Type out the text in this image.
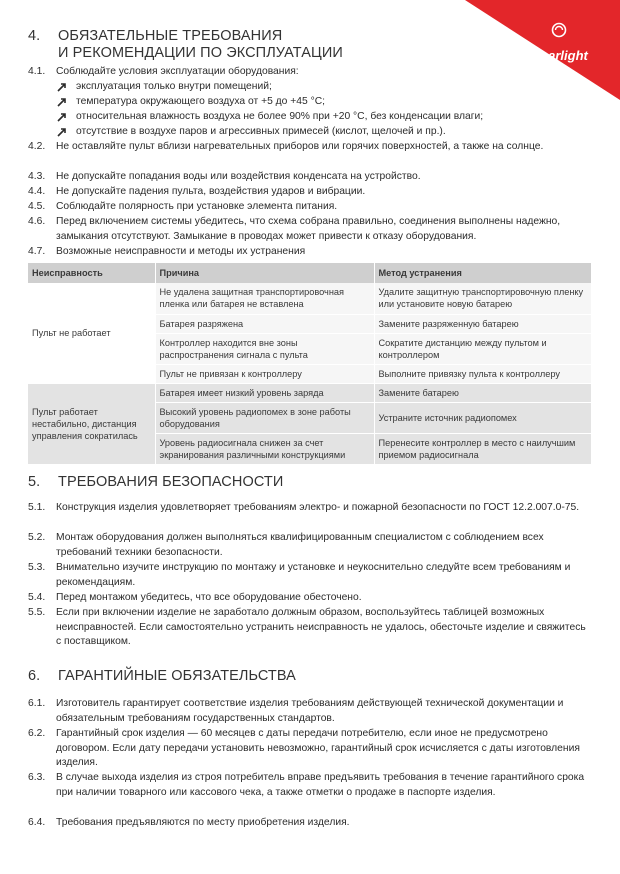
arlight
4. ОБЯЗАТЕЛЬНЫЕ ТРЕБОВАНИЯ
И РЕКОМЕНДАЦИИ ПО ЭКСПЛУАТАЦИИ
4.1. Соблюдайте условия эксплуатации оборудования:
эксплуатация только внутри помещений;
температура окружающего воздуха от +5 до +45 °С;
относительная влажность воздуха не более 90% при +20 °С, без конденсации влаги;
отсутствие в воздухе паров и агрессивных примесей (кислот, щелочей и пр.).
4.2. Не оставляйте пульт вблизи нагревательных приборов или горячих поверхностей, а также на солнце.
4.3. Не допускайте попадания воды или воздействия конденсата на устройство.
4.4. Не допускайте падения пульта, воздействия ударов и вибрации.
4.5. Соблюдайте полярность при установке элемента питания.
4.6. Перед включением системы убедитесь, что схема собрана правильно, соединения выполнены надежно, замыкания отсутствуют. Замыкание в проводах может привести к отказу оборудования.
4.7. Возможные неисправности и методы их устранения
Неисправность	Причина	Метод устранения
Пульт не работает	Не удалена защитная транспортировочная пленка или батарея не вставлена	Удалите защитную транспортировочную пленку или установите новую батарею
	Батарея разряжена	Замените разряженную батарею
	Контроллер находится вне зоны распространения сигнала с пульта	Сократите дистанцию между пультом и контроллером
	Пульт не привязан к контроллеру	Выполните привязку пульта к контроллеру
Пульт работает нестабильно, дистанция управления сократилась	Батарея имеет низкий уровень заряда	Замените батарею
	Высокий уровень радиопомех в зоне работы оборудования	Устраните источник радиопомех
	Уровень радиосигнала снижен за счет экранирования различными конструкциями	Перенесите контроллер в место с наилучшим приемом радиосигнала
5. ТРЕБОВАНИЯ БЕЗОПАСНОСТИ
5.1. Конструкция изделия удовлетворяет требованиям электро- и пожарной безопасности по ГОСТ 12.2.007.0-75.
5.2. Монтаж оборудования должен выполняться квалифицированным специалистом с соблюдением всех требований техники безопасности.
5.3. Внимательно изучите инструкцию по монтажу и установке и неукоснительно следуйте всем требованиям и рекомендациям.
5.4. Перед монтажом убедитесь, что все оборудование обесточено.
5.5. Если при включении изделие не заработало должным образом, воспользуйтесь таблицей возможных неисправностей. Если самостоятельно устранить неисправность не удалось, обесточьте изделие и свяжитесь с поставщиком.
6. ГАРАНТИЙНЫЕ ОБЯЗАТЕЛЬСТВА
6.1. Изготовитель гарантирует соответствие изделия требованиям действующей технической документации и обязательным требованиям государственных стандартов.
6.2. Гарантийный срок изделия — 60 месяцев с даты передачи потребителю, если иное не предусмотрено договором. Если дату передачи установить невозможно, гарантийный срок исчисляется с даты изготовления изделия.
6.3. В случае выхода изделия из строя потребитель вправе предъявить требования в течение гарантийного срока при наличии товарного или кассового чека, а также отметки о продаже в паспорте изделия.
6.4. Требования предъявляются по месту приобретения изделия.
